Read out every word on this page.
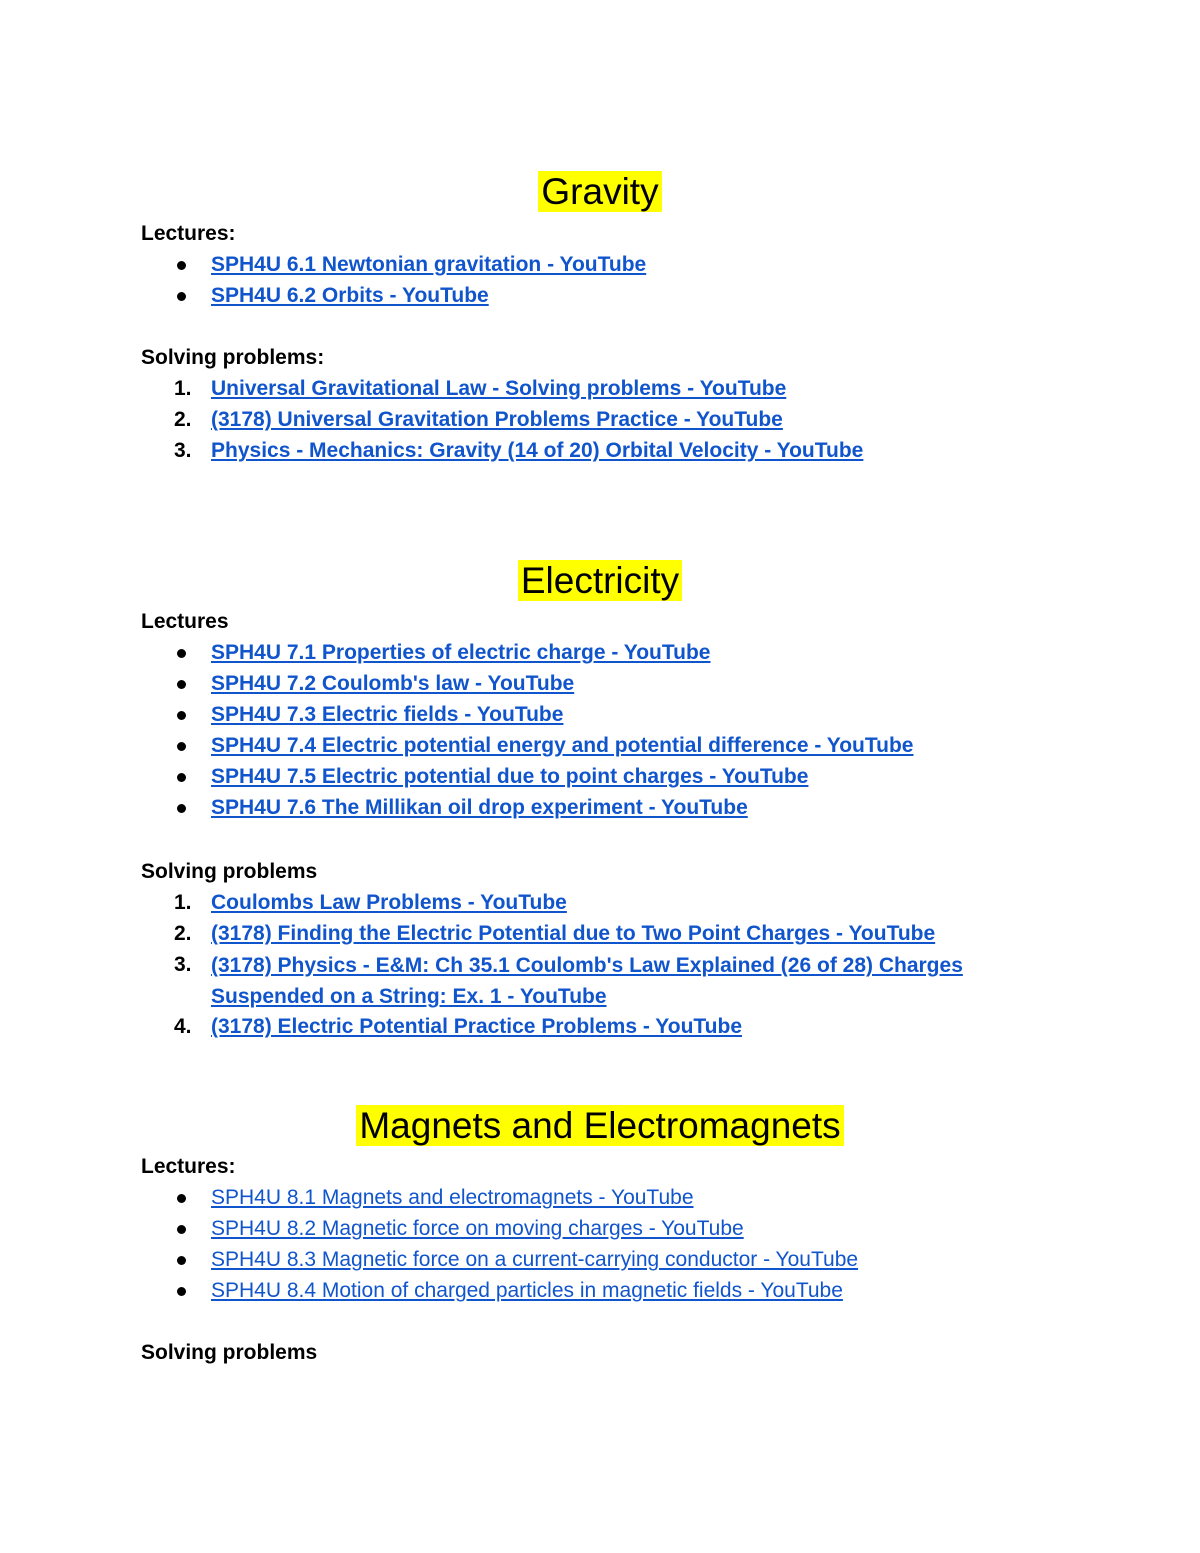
Gravity
Lectures:
SPH4U 6.1 Newtonian gravitation - YouTube
SPH4U 6.2 Orbits - YouTube
Solving problems:
1. Universal Gravitational Law - Solving problems - YouTube
2. (3178) Universal Gravitation Problems Practice - YouTube
3. Physics - Mechanics: Gravity (14 of 20) Orbital Velocity - YouTube
Electricity
Lectures
SPH4U 7.1 Properties of electric charge - YouTube
SPH4U 7.2 Coulomb's law - YouTube
SPH4U 7.3 Electric fields - YouTube
SPH4U 7.4 Electric potential energy and potential difference - YouTube
SPH4U 7.5 Electric potential due to point charges - YouTube
SPH4U 7.6 The Millikan oil drop experiment - YouTube
Solving problems
1. Coulombs Law Problems - YouTube
2. (3178) Finding the Electric Potential due to Two Point Charges - YouTube
3. (3178) Physics - E&M: Ch 35.1 Coulomb's Law Explained (26 of 28) Charges Suspended on a String: Ex. 1 - YouTube
4. (3178) Electric Potential Practice Problems - YouTube
Magnets and Electromagnets
Lectures:
SPH4U 8.1 Magnets and electromagnets - YouTube
SPH4U 8.2 Magnetic force on moving charges - YouTube
SPH4U 8.3 Magnetic force on a current-carrying conductor - YouTube
SPH4U 8.4 Motion of charged particles in magnetic fields - YouTube
Solving problems
